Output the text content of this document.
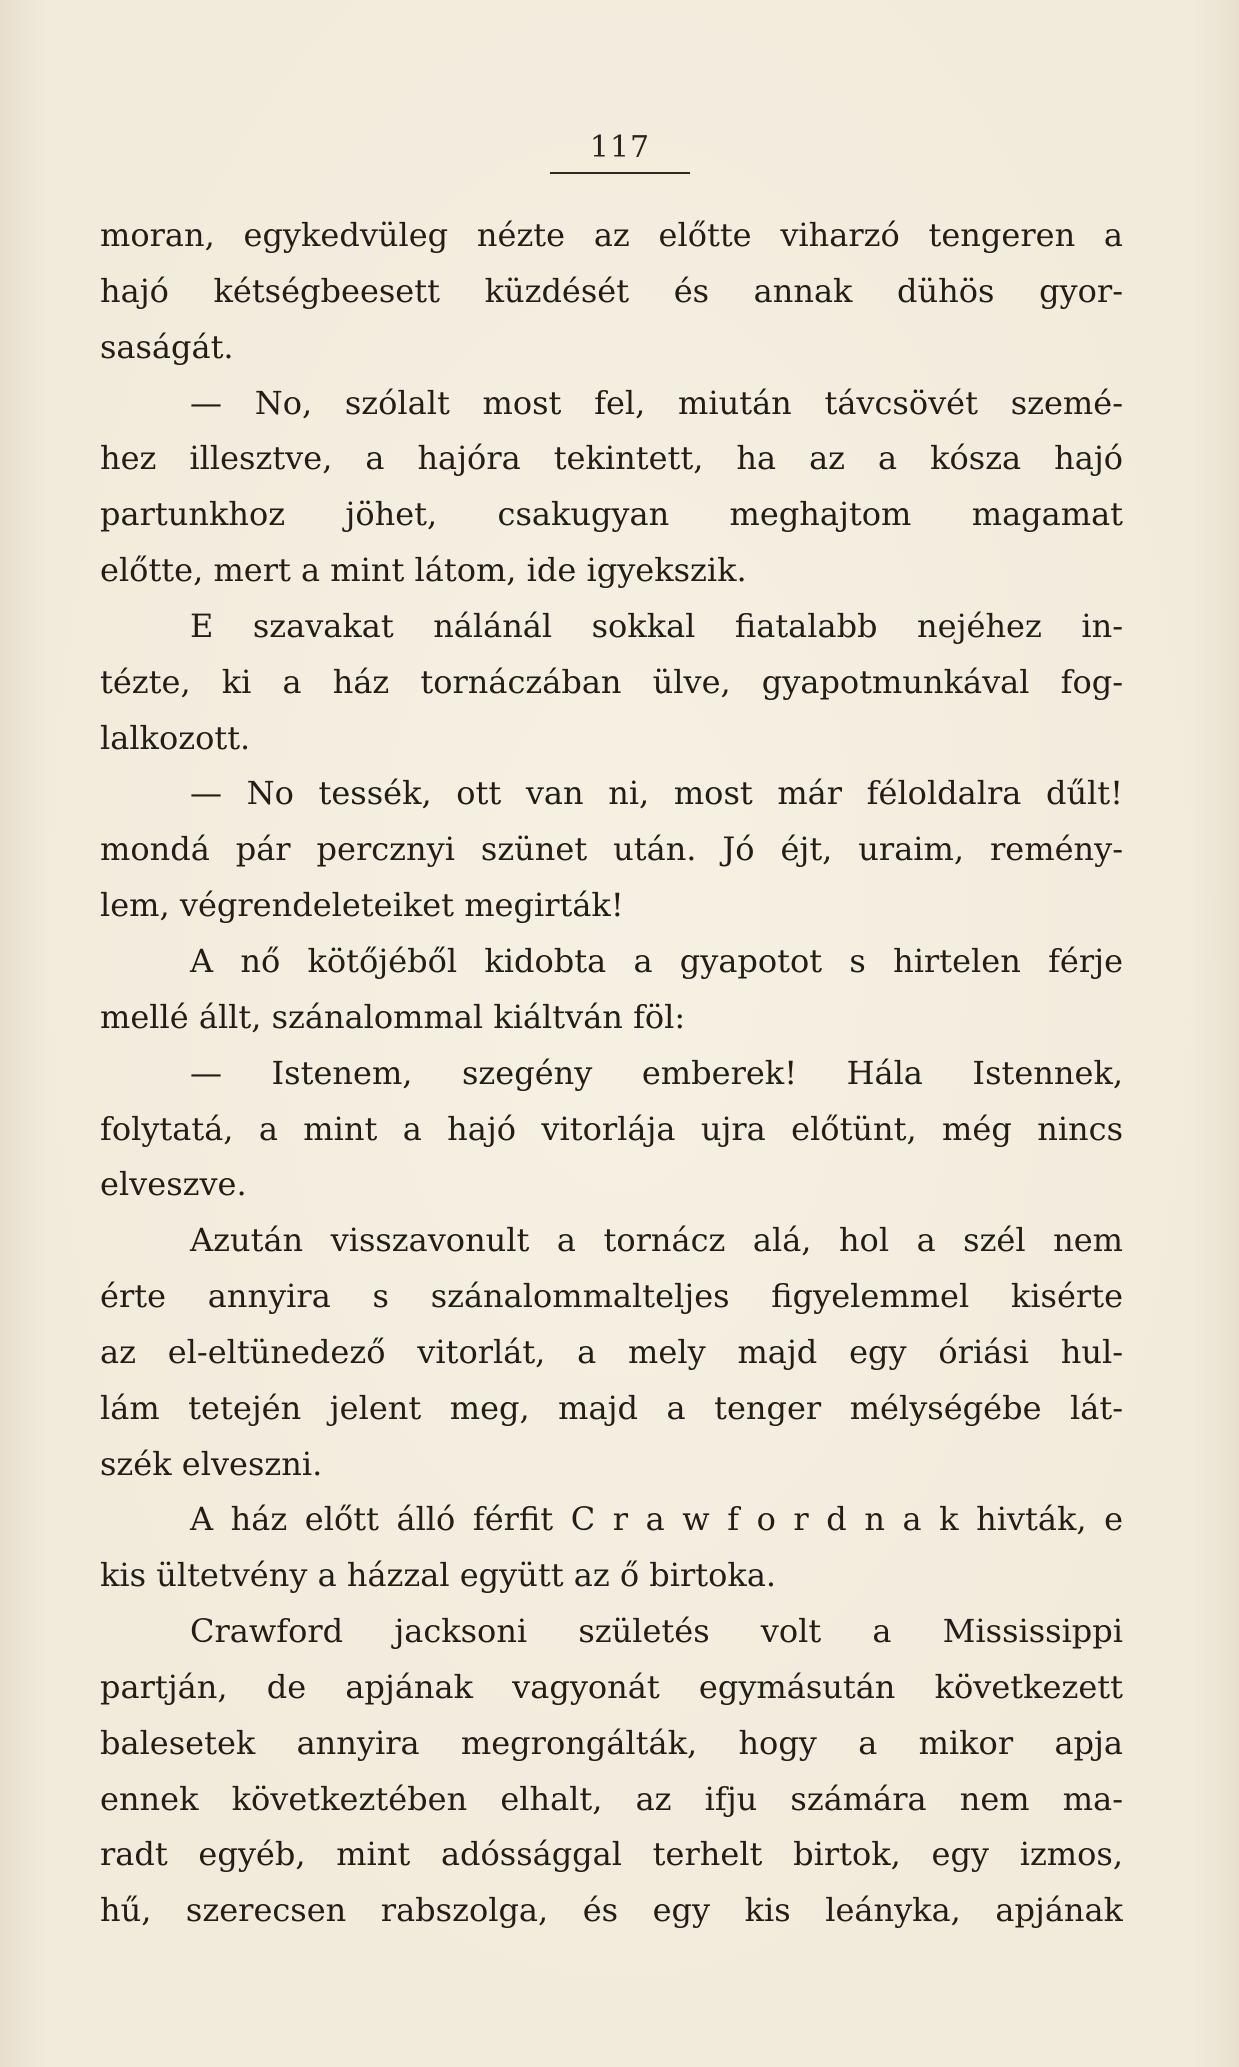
117
moran, egykedvüleg nézte az előtte viharzó tengeren a
hajó kétségbeesett küzdését és annak dühös gyor-
saságát.
— No, szólalt most fel, miután távcsövét szemé-
hez illesztve, a hajóra tekintett, ha az a kósza hajó
partunkhoz jöhet, csakugyan meghajtom magamat
előtte, mert a mint látom, ide igyekszik.
E szavakat nálánál sokkal fiatalabb nejéhez in-
tézte, ki a ház tornáczában ülve, gyapotmunkával fog-
lalkozott.
— No tessék, ott van ni, most már féloldalra dűlt!
mondá pár percznyi szünet után. Jó éjt, uraim, remény-
lem, végrendeleteiket megirták!
A nő kötőjéből kidobta a gyapotot s hirtelen férje
mellé állt, szánalommal kiáltván föl:
— Istenem, szegény emberek! Hála Istennek,
folytatá, a mint a hajó vitorlája ujra előtünt, még nincs
elveszve.
Azután visszavonult a tornácz alá, hol a szél nem
érte annyira s szánalommalteljes figyelemmel kisérte
az el-eltünedező vitorlát, a mely majd egy óriási hul-
lám tetején jelent meg, majd a tenger mélységébe lát-
szék elveszni.
A ház előtt álló férfit C r a w f o r d n a k hivták, e
kis ültetvény a házzal együtt az ő birtoka.
Crawford jacksoni születés volt a Mississippi
partján, de apjának vagyonát egymásután következett
balesetek annyira megrongálták, hogy a mikor apja
ennek következtében elhalt, az ifju számára nem ma-
radt egyéb, mint adóssággal terhelt birtok, egy izmos,
hű, szerecsen rabszolga, és egy kis leányka, apjának
